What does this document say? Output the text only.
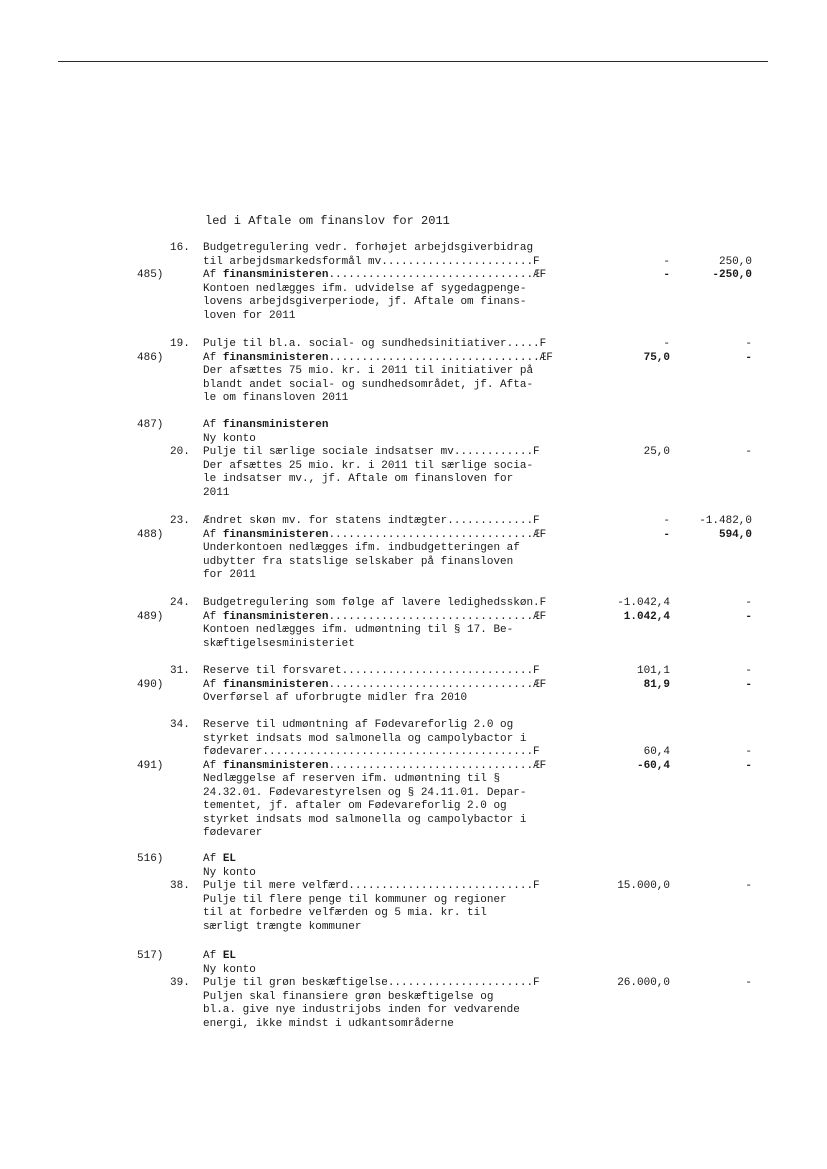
led i Aftale om finanslov for 2011
16. Budgetregulering vedr. forhøjet arbejdsgiverbidrag
til arbejdsmarkedsformål mv.......................F	-	250,0
485)	Af finansministeren...............................ÆF	-	-250,0
Kontoen nedlægges ifm. udvidelse af sygedagpenge-
lovens arbejdsgiverperiode, jf. Aftale om finans-
loven for 2011
19. Pulje til bl.a. social- og sundhedsinitiativer.....F	-	-
486)	Af finansministeren................................ÆF	75,0	-
Der afsættes 75 mio. kr. i 2011 til initiativer på
blandt andet social- og sundhedsområdet, jf. Afta-
le om finansloven 2011
487)	Af finansministeren
Ny konto
20. Pulje til særlige sociale indsatser mv............F	25,0	-
Der afsættes 25 mio. kr. i 2011 til særlige socia-
le indsatser mv., jf. Aftale om finansloven for
2011
23. Ændret skøn mv. for statens indtægter.............F	-	-1.482,0
488)	Af finansministeren...............................ÆF	-	594,0
Underkontoen nedlægges ifm. indbudgetteringen af
udbytter fra statslige selskaber på finansloven
for 2011
24. Budgetregulering som følge af lavere ledighedsskøn.F	-1.042,4	-
489)	Af finansministeren...............................ÆF	1.042,4	-
Kontoen nedlægges ifm. udmøntning til § 17. Be-
skæftigelsesministeriet
31. Reserve til forsvaret.............................F	101,1	-
490)	Af finansministeren...............................ÆF	81,9	-
Overførsel af uforbrugte midler fra 2010
34. Reserve til udmøntning af Fødevareforlig 2.0 og
styrket indsats mod salmonella og campolybactor i
fødevarer.........................................F	60,4	-
491)	Af finansministeren...............................ÆF	-60,4	-
Nedlæggelse af reserven ifm. udmøntning til §
24.32.01. Fødevarestyrelsen og § 24.11.01. Depar-
tementet, jf. aftaler om Fødevareforlig 2.0 og
styrket indsats mod salmonella og campolybactor i
fødevarer
516)	Af EL
Ny konto
38. Pulje til mere velfærd............................F	15.000,0	-
Pulje til flere penge til kommuner og regioner
til at forbedre velfærden og 5 mia. kr. til
særligt trængte kommuner
517)	Af EL
Ny konto
39. Pulje til grøn beskæftigelse......................F	26.000,0	-
Puljen skal finansiere grøn beskæftigelse og
bl.a. give nye industrijobs inden for vedvarende
energi, ikke mindst i udkantsområderne
